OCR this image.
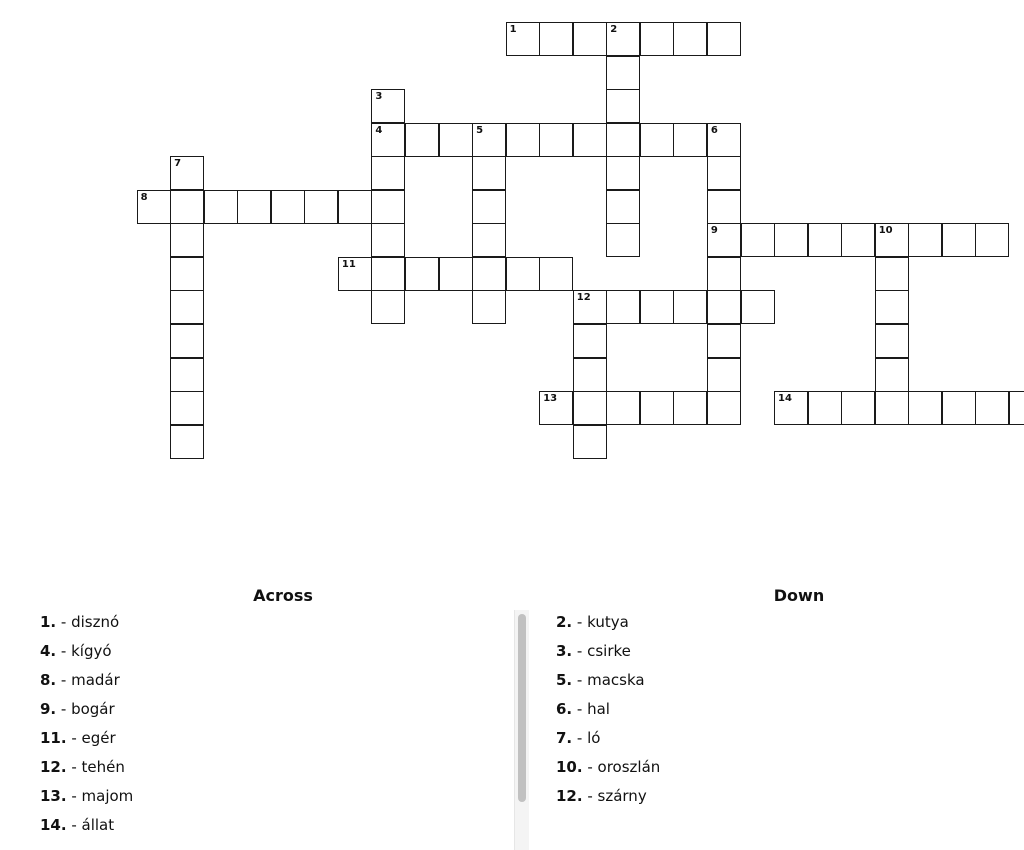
1	2
3
4	5	6
9
7
8
10
11
12
13	14
Across	Down
1. - disznó
4. - kígyó
8. - madár
9. - bogár
11. - egér
12. - tehén
13. - majom
14. - állat
2. - kutya
3. - csirke
5. - macska
6. - hal
7. - ló
10. - oroszlán
12. - szárny
